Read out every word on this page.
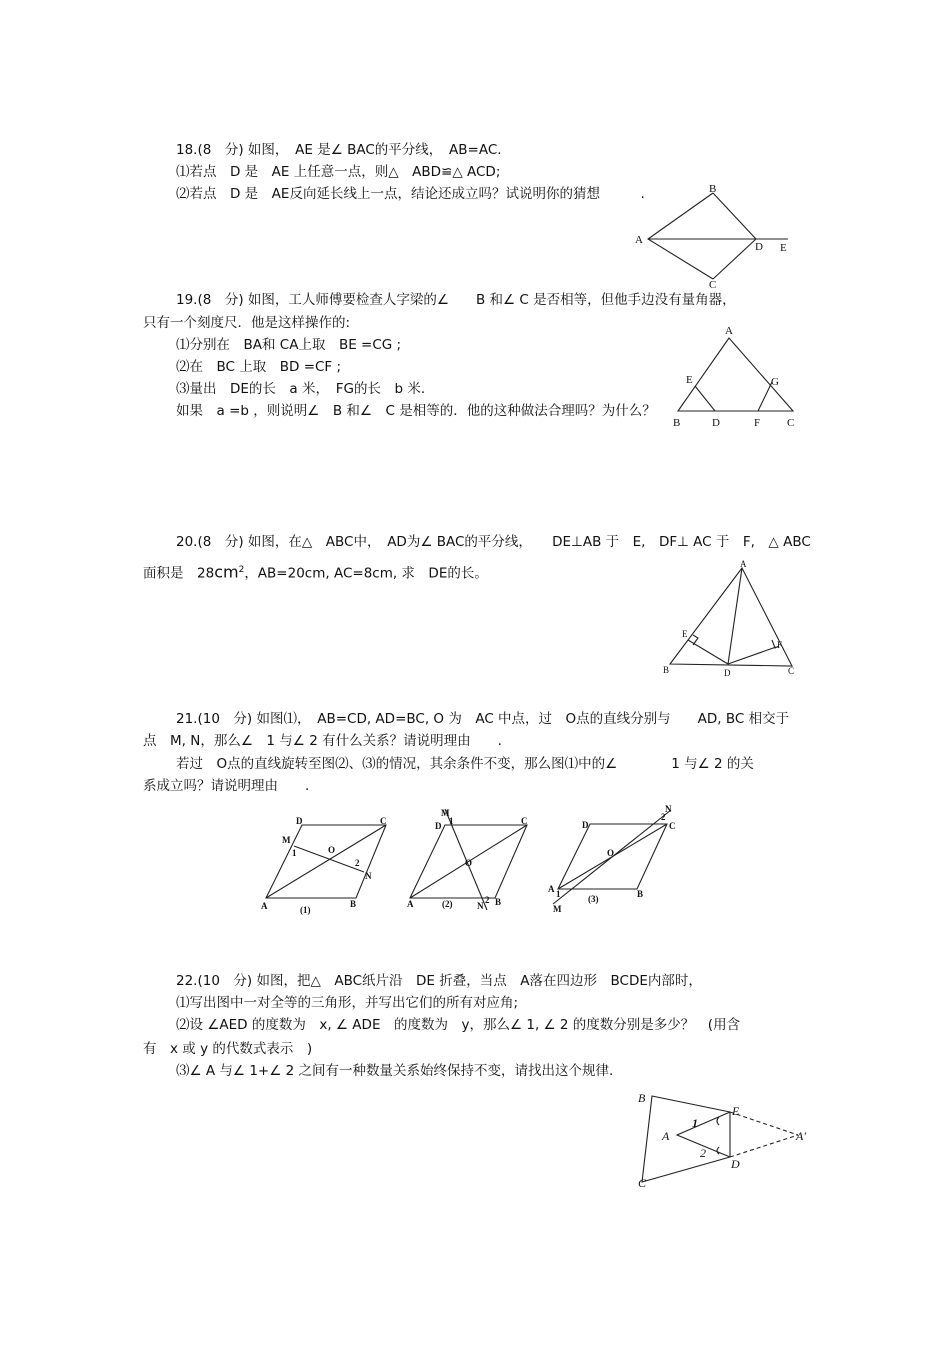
18.(8　分) 如图，　AE 是∠ BAC的平分线，　AB=AC.
⑴若点　D 是　AE 上任意一点，则△　ABD≌△ ACD;
⑵若点　D 是　AE反向延长线上一点，结论还成立吗？试说明你的猜想　　　.	B
A
D E
C
19.(8　分) 如图，工人师傅要检查人字梁的∠　　B 和∠ C 是否相等，但他手边没有量角器，
只有一个刻度尺．他是这样操作的:
⑴分别在　BA和 CA上取　BE =CG ;
⑵在　BC 上取　BD =CF ;
⑶量出　DE的长　a 米，　FG的长　b 米.
如果　a =b ，则说明∠　B 和∠　C 是相等的．他的这种做法合理吗？为什么？
A
E	G
B	D	F C
20.(8　分) 如图，在△　ABC中，　AD为∠ BAC的平分线，　　DE⊥AB 于　E,　DF⊥ AC 于　F,　△ ABC
面积是　$28cm^2$，AB=20cm, AC=8cm, 求　DE的长。
A
E
F
B	D	C
21.(10　分) 如图⑴，　AB=CD, AD=BC, O 为　AC 中点，过　O点的直线分别与　　AD, BC 相交于
点　M, N，那么∠　1 与∠ 2 有什么关系？请说明理由　　.
若过　O点的直线旋转至图⑵、⑶的情况，其余条件不变，那么图⑴中的∠　　　　1 与∠ 2 的关
系成立吗？请说明理由　　.
D	C
M
1	O
2
N
A	B
(1)
M
D 1	C
O
A	(2)	N
2 B
D
N
2
C
O
A 1
M
(3)	B
22.(10　分) 如图，把△　ABC纸片沿　DE 折叠，当点　A落在四边形　BCDE内部时，
⑴写出图中一对全等的三角形，并写出它们的所有对应角;
⑵设 ∠AED 的度数为　x, ∠ ADE　的度数为　y，那么∠ 1, ∠ 2 的度数分别是多少？　(用含
有　x 或 y 的代数式表示　)
⑶∠ A 与∠ 1+∠ 2 之间有一种数量关系始终保持不变，请找出这个规律.
B
E
A
1
2
D
A′
C
